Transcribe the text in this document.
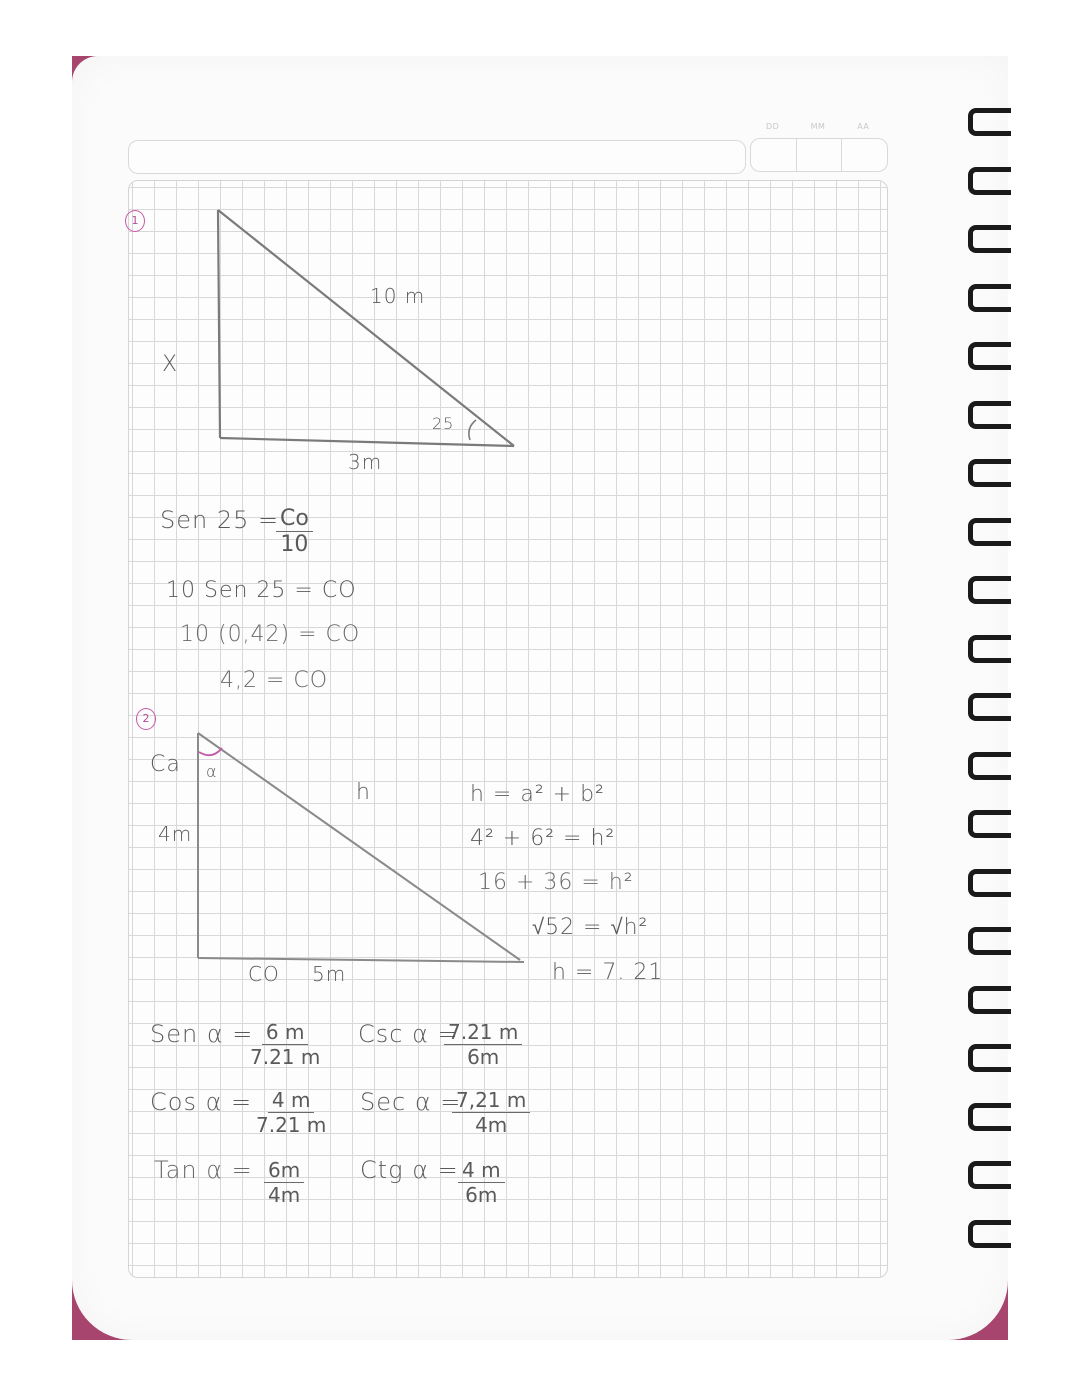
DD	MM	AA
1
10 m
X
25
3m
Sen 25 =
$\frac{Co}{10}$
10 Sen 25 = CO
10 (0,42) = CO
4,2 = CO
2
Ca α
4m
h
CO 5m
h = a² + b²
4² + 6² = h²
16 + 36 = h²
√52 = √h²
h = 7. 21
Sen α =
$\frac{6 m}{7.21 m}$
Cos $\alpha = \frac{4 m}{7.21 m}$
Tan $\alpha = \frac{6m}{4m}$
Csc α =
$\frac{7.21 m}{6m}$
Sec α =
$\frac{7,21 m}{4m}$
Ctg $\alpha = \frac{4 m}{6m}$
